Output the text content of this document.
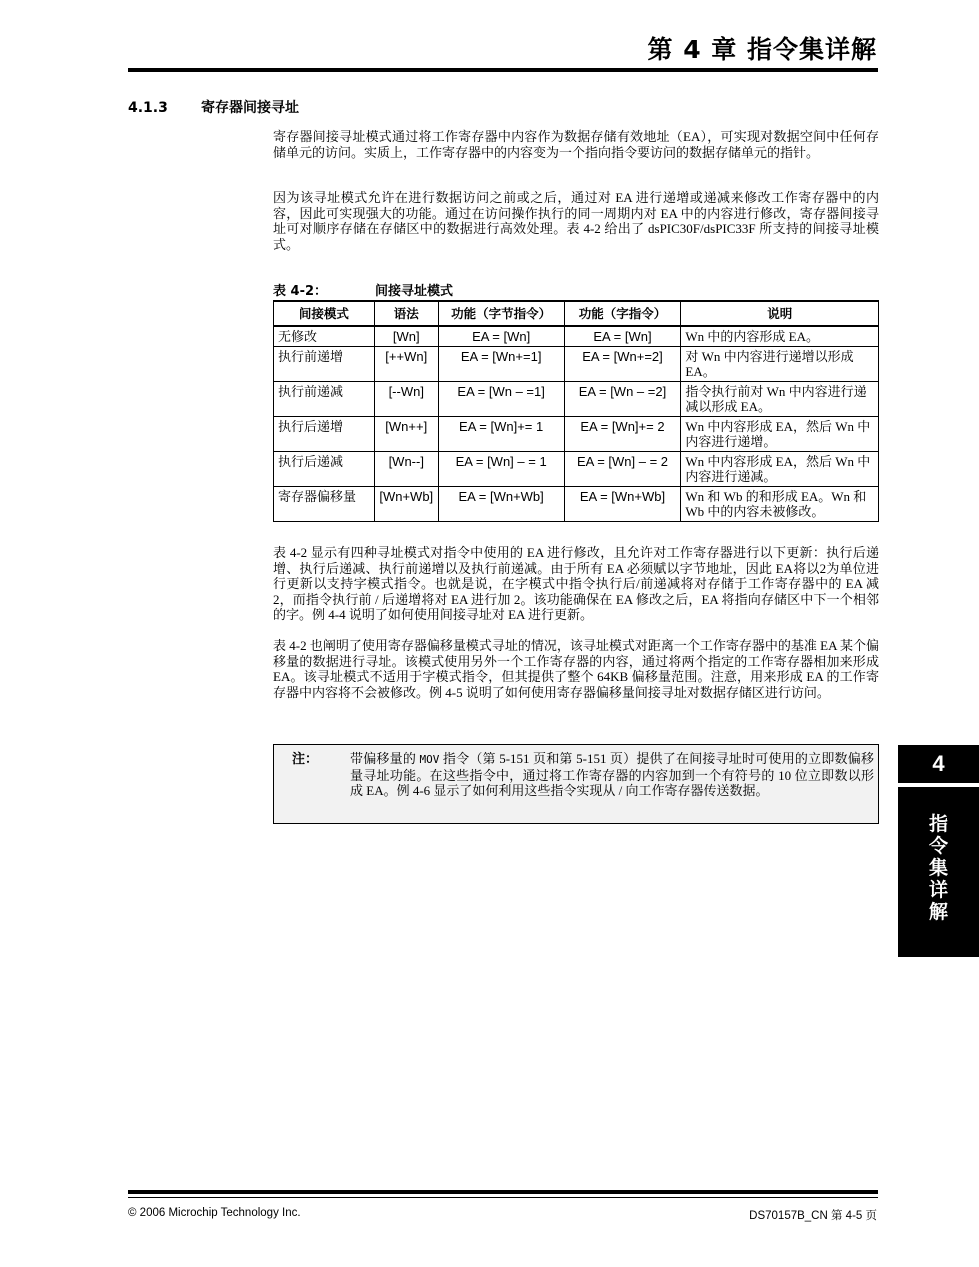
第 4 章 指令集详解
4.1.3 寄存器间接寻址
寄存器间接寻址模式通过将工作寄存器中内容作为数据存储有效地址（EA），可实现对数据空间中任何存储单元的访问。实质上，工作寄存器中的内容变为一个指向指令要访问的数据存储单元的指针。
因为该寻址模式允许在进行数据访问之前或之后，通过对 EA 进行递增或递减来修改工作寄存器中的内容，因此可实现强大的功能。通过在访问操作执行的同一周期内对 EA 中的内容进行修改，寄存器间接寻址可对顺序存储在存储区中的数据进行高效处理。表 4-2 给出了 dsPIC30F/dsPIC33F 所支持的间接寻址模式。
表 4-2：	间接寻址模式
间接模式	语法	功能（字节指令）	功能（字指令）	说明
无修改	[Wn]	EA = [Wn]	EA = [Wn]	Wn 中的内容形成 EA。
执行前递增	[++Wn]	EA = [Wn+=1]	EA = [Wn+=2]	对 Wn 中内容进行递增以形成 EA。
执行前递减	[--Wn]	EA = [Wn – =1]	EA = [Wn – =2]	指令执行前对 Wn 中内容进行递减以形成 EA。
执行后递增	[Wn++]	EA = [Wn]+= 1	EA = [Wn]+= 2	Wn 中内容形成 EA，然后 Wn 中内容进行递增。
执行后递减	[Wn--]	EA = [Wn] – = 1	EA = [Wn] – = 2	Wn 中内容形成 EA，然后 Wn 中内容进行递减。
寄存器偏移量	[Wn+Wb]	EA = [Wn+Wb]	EA = [Wn+Wb]	Wn 和 Wb 的和形成 EA。Wn 和 Wb 中的内容未被修改。
表 4-2 显示有四种寻址模式对指令中使用的 EA 进行修改，且允许对工作寄存器进行以下更新：执行后递增、执行后递减、执行前递增以及执行前递减。由于所有 EA 必须赋以字节地址，因此 EA将以2为单位进行更新以支持字模式指令。也就是说，在字模式中指令执行后/前递减将对存储于工作寄存器中的 EA 减 2，而指令执行前 / 后递增将对 EA 进行加 2。该功能确保在 EA 修改之后，EA 将指向存储区中下一个相邻的字。例 4-4 说明了如何使用间接寻址对 EA 进行更新。
表 4-2 也阐明了使用寄存器偏移量模式寻址的情况，该寻址模式对距离一个工作寄存器中的基准 EA 某个偏移量的数据进行寻址。该模式使用另外一个工作寄存器的内容，通过将两个指定的工作寄存器相加来形成 EA。该寻址模式不适用于字模式指令，但其提供了整个 64KB 偏移量范围。注意，用来形成 EA 的工作寄存器中内容将不会被修改。例 4-5 说明了如何使用寄存器偏移量间接寻址对数据存储区进行访问。
注： 带偏移量的 MOV 指令（第 5-151 页和第 5-151 页）提供了在间接寻址时可使用的立即数偏移量寻址功能。在这些指令中，通过将工作寄存器的内容加到一个有符号的 10 位立即数以形成 EA。例 4-6 显示了如何利用这些指令实现从 / 向工作寄存器传送数据。
4
指
令
集
详
解
© 2006 Microchip Technology Inc.	DS70157B_CN 第 4-5 页
